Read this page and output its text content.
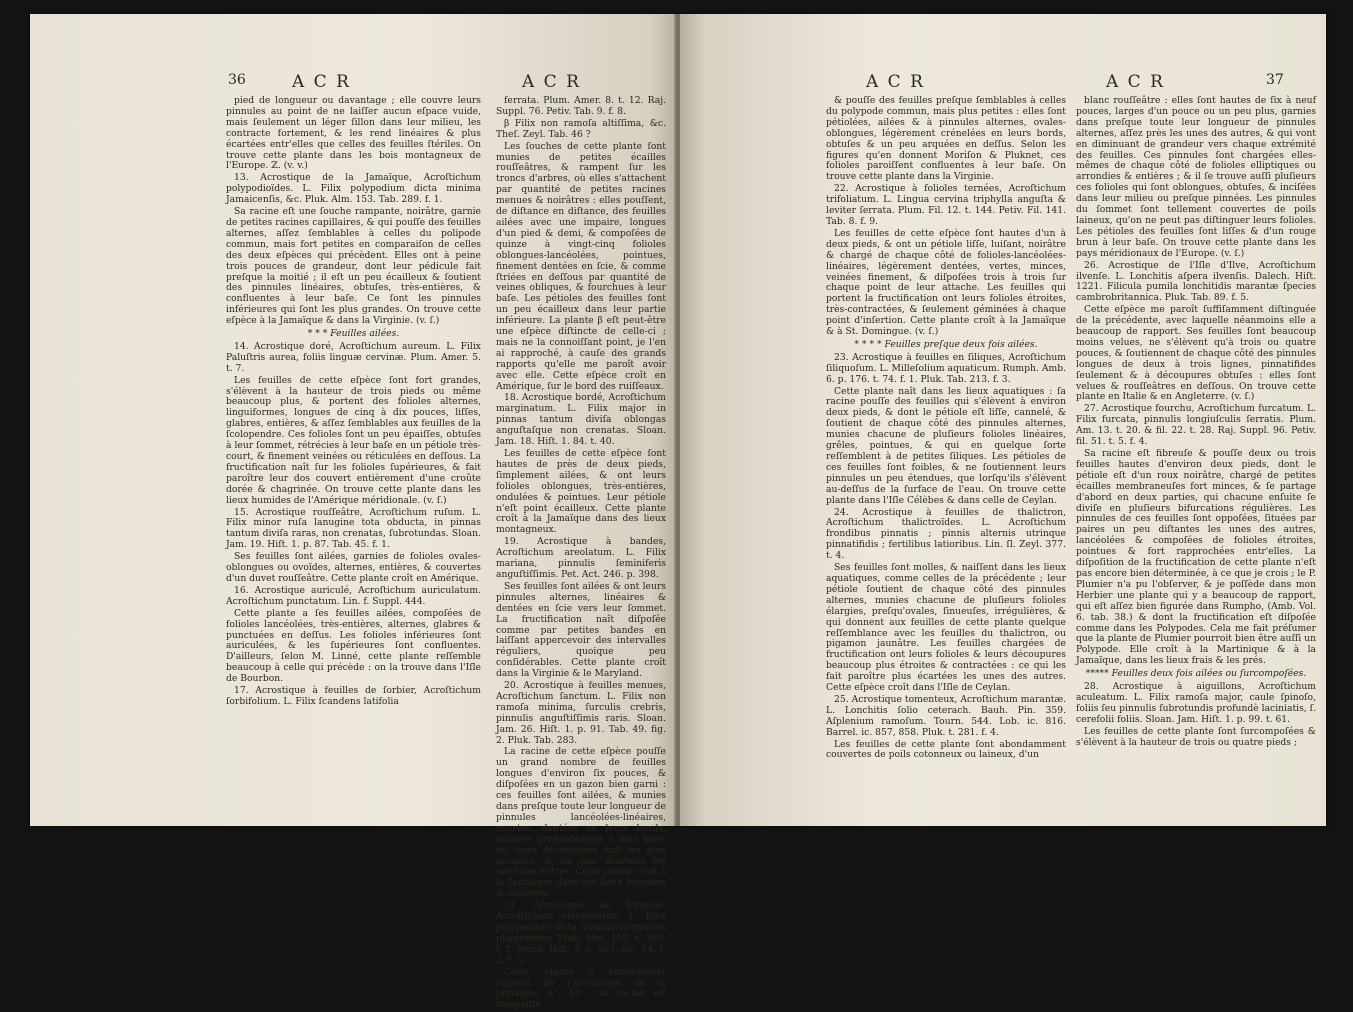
36	A C R	A C R

pied de longueur ou davantage ; elle couvre leurs pinnules au point de ne laiſſer aucun eſpace vuide, mais ſeulement un léger ſillon dans leur milieu, les contracte fortement, & les rend linéaires & plus écartées entr'elles que celles des feuilles ſtériles. On trouve cette plante dans les bois montagneux de l'Europe. ℤ. (v. v.)

13. Acrostique de la Jamaïque, Acroſtichum polypodioïdes. L. Filix polypodium dicta minima Jamaicenſis, &c. Pluk. Alm. 153. Tab. 289. f. 1.

Sa racine eſt une ſouche rampante, noirâtre, garnie de petites racines capillaires, & qui pouſſe des feuilles alternes, aſſez ſemblables à celles du polipode commun, mais fort petites en comparaiſon de celles des deux eſpèces qui précèdent. Elles ont à peine trois pouces de grandeur, dont leur pédicule fait preſque la moitié ; il eſt un peu écailleux & ſoutient des pinnules linéaires, obtuſes, très-entières, & confluentes à leur baſe. Ce ſont les pinnules inférieures qui ſont les plus grandes. On trouve cette eſpèce à la Jamaïque & dans la Virginie. (v. ſ.)

* * * Feuilles ailées.

14. Acrostique doré, Acroſtichum aureum. L. Filix Paluſtris aurea, foliis linguæ cervinæ. Plum. Amer. 5. t. 7.

Les feuilles de cette eſpèce ſont fort grandes, s'élèvent à la hauteur de trois pieds ou même beaucoup plus, & portent des folioles alternes, linguiformes, longues de cinq à dix pouces, liſſes, glabres, entières, & aſſez ſemblables aux feuilles de la ſcolopendre. Ces folioles ſont un peu épaiſſes, obtuſes à leur ſommet, rétrécies à leur baſe en un pétiole très-court, & finement veinées ou réticulées en deſſous. La fructification naît ſur les folioles ſupérieures, & fait paroître leur dos couvert entièrement d'une croûte dorée & chagrinée. On trouve cette plante dans les lieux humides de l'Amérique méridionale. (v. ſ.)

15. Acrostique rouſſeâtre, Acroſtichum ruſum. L. Filix minor ruſa lanugine tota obducta, in pinnas tantum diviſa raras, non crenatas, ſubrotundas. Sloan. Jam. 19. Hiſt. 1. p. 87. Tab. 45. f. 1.

Ses feuilles ſont ailées, garnies de folioles ovales-oblongues ou ovoïdes, alternes, entières, & couvertes d'un duvet rouſſeâtre. Cette plante croît en Amérique.

16. Acrostique auriculé, Acroſtichum auriculatum. Acroſtichum punctatum. Lin. f. Suppl. 444.

Cette plante a ſes feuilles ailées, compoſées de folioles lancéolées, très-entières, alternes, glabres & punctuées en deſſus. Les folioles inférieures ſont auriculées, & les ſupérieures ſont confluentes. D'ailleurs, ſelon M. Linné, cette plante reſſemble beaucoup à celle qui précède : on la trouve dans l'Iſle de Bourbon.

17. Acrostique à feuilles de ſorbier, Acroſtichum ſorbifolium. L. Filix ſcandens latifolia

ferrata. Plum. Amer. 8. t. 12. Raj. Suppl. 76. Petiv. Tab. 9. f. 8.

β Filix non ramoſa altiſſima, &c. Theſ. Zeyl. Tab. 46 ?

Les ſouches de cette plante ſont munies de petites écailles rouſſeâtres, & rampent ſur les troncs d'arbres, où elles s'attachent par quantité de petites racines menues & noirâtres : elles pouſſent, de diſtance en diſtance, des feuilles ailées avec une impaire, longues d'un pied & demi, & compoſées de quinze à vingt-cinq folioles oblongues-lancéolées, pointues, finement dentées en ſcie, & comme ſtriées en deſſous par quantité de veines obliques, & fourchues à leur baſe. Les pétioles des feuilles ſont un peu écailleux dans leur partie inférieure. La plante β eſt peut-être une eſpèce diſtincte de celle-ci ; mais ne la connoiſſant point, je l'en ai rapproché, à cauſe des grands rapports qu'elle me paroît avoir avec elle. Cette eſpèce croît en Amérique, ſur le bord des ruiſſeaux.

18. Acrostique bordé, Acroſtichum marginatum. L. Filix major in pinnas tantum diviſa oblongas anguſtaſque non crenatas. Sloan. Jam. 18. Hiſt. 1. 84. t. 40.

Les feuilles de cette eſpèce ſont hautes de près de deux pieds, ſimplement ailées, & ont leurs folioles oblongues, très-entières, ondulées & pointues. Leur pétiole n'eſt point écailleux. Cette plante croît à la Jamaïque dans des lieux montagneux.

19. Acrostique à bandes, Acroſtichum areolatum. L. Filix mariana, pinnulis ſeminiferis anguſtiſſimis. Pet. Act. 246. p. 398.

Ses feuilles ſont ailées & ont leurs pinnules alternes, linéaires & dentées en ſcie vers leur ſommet. La fructification naît diſpoſée comme par petites bandes en laiſſant appercevoir des intervalles réguliers, quoique peu conſidérables. Cette plante croît dans la Virginie & le Maryland.

20. Acrostique à feuilles menues, Acroſtichum ſanctum. L. Filix non ramoſa minima, ſurculis crebris, pinnulis anguſtiſſimis raris. Sloan. Jam. 26. Hiſt. 1. p. 91. Tab. 49. fig. 2. Pluk. Tab. 283.

La racine de cette eſpèce pouſſe un grand nombre de feuilles longues d'environ ſix pouces, & diſpoſées en un gazon bien garni : ces feuilles ſont ailées, & munies dans preſque toute leur longueur de pinnules lancéolées-linéaires, courtes, dentées en leurs bords, inciſées profondément à leur baſe, où leurs découpures ſont les plus grandes, & un peu écartées les unes des autres. Cette plante croît à la Jamaïque dans les lieux humides & couverts.

21. Acrostique de Virginie, Acroſtichum platyneuron. L. Filix polypodium dicta minima virginiana platyneuros. Pluk. Alm. 153. t. 289. f. 2. Moriſ. Hiſt. 3. p. 563. ſec. 14. t. 2. f. 5.

Cette plante a entièrement l'aſpect de l'Acroſtique de la Jamaïque n°. 13 : ſa racine eſt rampante

A C R	A C R	37

& pouſſe des feuilles preſque ſemblables à celles du polypode commun, mais plus petites : elles ſont pétiolées, ailées & à pinnules alternes, ovales-oblongues, légèrement crénelées en leurs bords, obtuſes & un peu arquées en deſſus. Selon les figures qu'en donnent Moriſon & Pluknet, ces folioles paroiſſent confluentes à leur baſe. On trouve cette plante dans la Virginie.

22. Acrostique à folioles ternées, Acroſtichum trifoliatum. L. Lingua cervina triphylla anguſta & leviter ſerrata. Plum. Fil. 12. t. 144. Petiv. Fil. 141. Tab. 8. f. 9.

Les feuilles de cette eſpèce ſont hautes d'un à deux pieds, & ont un pétiole liſſe, luiſant, noirâtre & chargé de chaque côté de folioles-lancéolées-linéaires, légèrement dentées, vertes, minces, veinées finement, & diſpoſées trois à trois ſur chaque point de leur attache. Les feuilles qui portent la fructification ont leurs folioles étroites, très-contractées, & ſeulement géminées à chaque point d'inſertion. Cette plante croît à la Jamaïque & à St. Domingue. (v. ſ.)

* * * * Feuilles preſque deux fois ailées.

23. Acrostique à feuilles en ſiliques, Acroſtichum ſiliquoſum. L. Milleſolium aquaticum. Rumph. Amb. 6. p. 176. t. 74. f. 1. Pluk. Tab. 213. f. 3.

Cette plante naît dans les lieux aquatiques : ſa racine pouſſe des feuilles qui s'élèvent à environ deux pieds, & dont le pétiole eſt liſſe, cannelé, & ſoutient de chaque côté des pinnules alternes, munies chacune de pluſieurs folioles linéaires, grêles, pointues, & qui en quelque ſorte reſſemblent à de petites ſiliques. Les pétioles de ces feuilles ſont foibles, & ne ſoutiennent leurs pinnules un peu étendues, que lorſqu'ils s'élèvent au-deſſus de la ſurface de l'eau. On trouve cette plante dans l'Iſle Célèbes & dans celle de Ceylan.

24. Acrostique à feuilles de thalictron, Acroſtichum thalictroïdes. L. Acroſtichum frondibus pinnatis ; pinnis alternis utrinque pinnatifidis ; fertilibus latioribus. Lin. ſl. Zeyl. 377. t. 4.

Ses feuilles ſont molles, & naiſſent dans les lieux aquatiques, comme celles de la précédente ; leur pétiole ſoutient de chaque côté des pinnules alternes, munies chacune de pluſieurs folioles élargies, preſqu'ovales, ſinueuſes, irrégulières, & qui donnent aux feuilles de cette plante quelque reſſemblance avec les feuilles du thalictron, ou pigamon jaunâtre. Les feuilles chargées de fructification ont leurs folioles & leurs découpures beaucoup plus étroites & contractées : ce qui les fait paroître plus écartées les unes des autres. Cette eſpèce croît dans l'Iſle de Ceylan.

25. Acrostique tomenteux, Acroſtichum marantæ. L. Lonchitis ſolio ceterach. Bauh. Pin. 359. Aſplenium ramoſum. Tourn. 544. Lob. ic. 816. Barrel. ic. 857, 858. Pluk. t. 281. f. 4.

Les feuilles de cette plante ſont abondamment couvertes de poils cotonneux ou laineux, d'un

blanc rouſſeâtre : elles ſont hautes de ſix à neuf pouces, larges d'un pouce ou un peu plus, garnies dans preſque toute leur longueur de pinnules alternes, aſſez près les unes des autres, & qui vont en diminuant de grandeur vers chaque extrémité des feuilles. Ces pinnules ſont chargées elles-mêmes de chaque côté de folioles elliptiques ou arrondies & entières ; & il ſe trouve auſſi pluſieurs ces folioles qui ſont oblongues, obtuſes, & inciſées dans leur milieu ou preſque pinnées. Les pinnules du ſommet ſont tellement couvertes de poils laineux, qu'on ne peut pas diſtinguer leurs folioles. Les pétioles des feuilles ſont liſſes & d'un rouge brun à leur baſe. On trouve cette plante dans les pays méridionaux de l'Europe. (v. ſ.)

26. Acrostique de l'Iſle d'Ilve, Acroſtichum ilvenſe. L. Lonchitis aſpera ilvenſis. Dalech. Hiſt. 1221. Filicula pumila lonchitidis marantæ ſpecies cambrobritannica. Pluk. Tab. 89. f. 5.

Cette eſpèce me paroît ſuffiſamment diſtinguée de la précédente, avec laquelle néanmoins elle a beaucoup de rapport. Ses feuilles ſont beaucoup moins velues, ne s'élèvent qu'à trois ou quatre pouces, & ſoutiennent de chaque côté des pinnules longues de deux à trois lignes, pinnatifides ſeulement & à découpures obtuſes : elles ſont velues & rouſſeâtres en deſſous. On trouve cette plante en Italie & en Angleterre. (v. ſ.)

27. Acrostique fourchu, Acroſtichum furcatum. L. Filix furcata, pinnulis longiuſculis ſerratis. Plum. Am. 13. t. 20. & fil. 22. t. 28. Raj. Suppl. 96. Petiv. fil. 51. t. 5. f. 4.

Sa racine eſt fibreuſe & pouſſe deux ou trois feuilles hautes d'environ deux pieds, dont le pétiole eſt d'un roux noirâtre, chargé de petites écailles membraneuſes fort minces, & ſe partage d'abord en deux parties, qui chacune enſuite ſe diviſe en pluſieurs bifurcations régulières. Les pinnules de ces feuilles ſont oppoſées, ſituées par paires un peu diſtantes les unes des autres, lancéolées & compoſées de folioles étroites, pointues & fort rapprochées entr'elles. La diſpoſition de la fructification de cette plante n'eſt pas encore bien déterminée, à ce que je crois ; le P. Plumier n'a pu l'obſerver, & je poſſède dans mon Herbier une plante qui y a beaucoup de rapport, qui eſt aſſez bien figurée dans Rumpho, (Amb. Vol. 6. tab. 38.) & dont la fructification eſt diſpoſée comme dans les Polypodes. Cela me fait préſumer que la plante de Plumier pourroit bien être auſſi un Polypode. Elle croît à la Martinique & à la Jamaïque, dans les lieux frais & les prés.

***** Feuilles deux fois ailées ou ſurcompoſées.

28. Acrostique à aiguillons, Acroſtichum aculeatum. L. Filix ramoſa major, caule ſpinoſo, foliis ſeu pinnulis ſubrotundis profundè laciniatis, ſ. cerefolii foliis. Sloan. Jam. Hiſt. 1. p. 99. t. 61.

Les feuilles de cette plante ſont ſurcompoſées & s'élèvent à la hauteur de trois ou quatre pieds ;
